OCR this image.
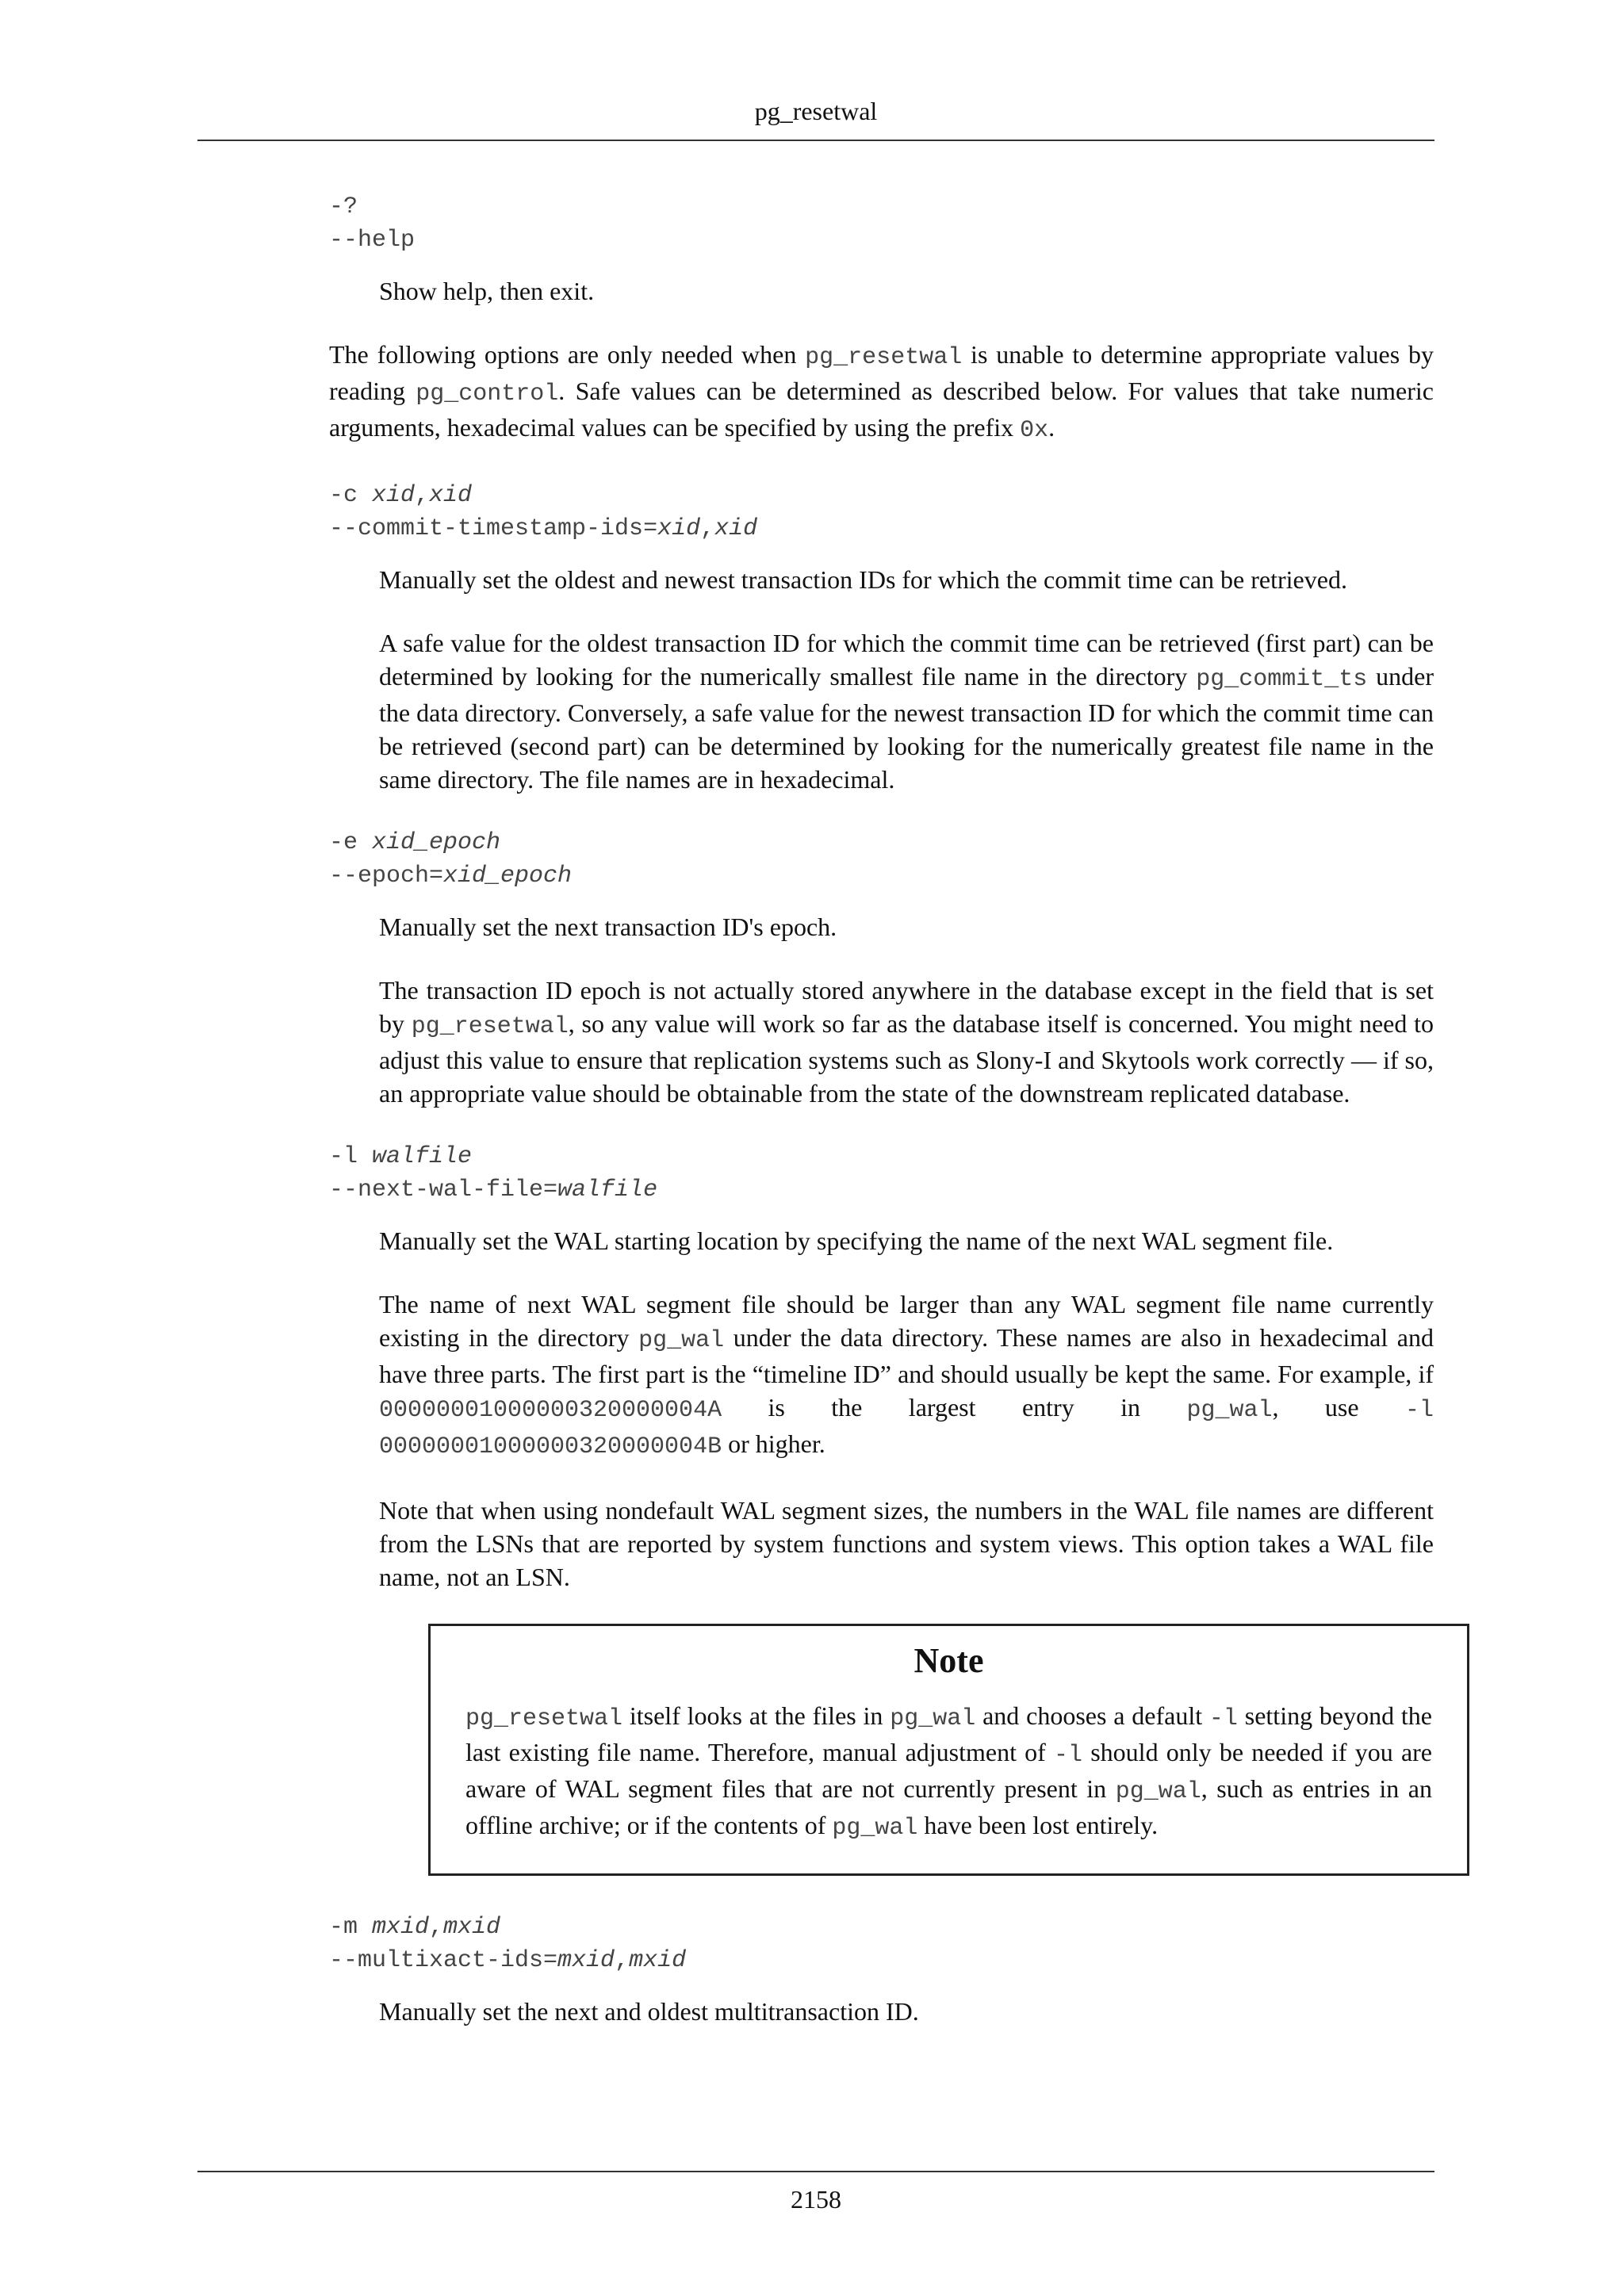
pg_resetwal
-?
--help

Show help, then exit.

The following options are only needed when pg_resetwal is unable to determine appropriate values by reading pg_control. Safe values can be determined as described below. For values that take numeric arguments, hexadecimal values can be specified by using the prefix 0x.

-c xid,xid
--commit-timestamp-ids=xid,xid

Manually set the oldest and newest transaction IDs for which the commit time can be retrieved.

A safe value for the oldest transaction ID for which the commit time can be retrieved (first part) can be determined by looking for the numerically smallest file name in the directory pg_commit_ts under the data directory. Conversely, a safe value for the newest transaction ID for which the commit time can be retrieved (second part) can be determined by looking for the numerically greatest file name in the same directory. The file names are in hexadecimal.

-e xid_epoch
--epoch=xid_epoch

Manually set the next transaction ID's epoch.

The transaction ID epoch is not actually stored anywhere in the database except in the field that is set by pg_resetwal, so any value will work so far as the database itself is concerned. You might need to adjust this value to ensure that replication systems such as Slony-I and Skytools work correctly — if so, an appropriate value should be obtainable from the state of the downstream replicated database.

-l walfile
--next-wal-file=walfile

Manually set the WAL starting location by specifying the name of the next WAL segment file.

The name of next WAL segment file should be larger than any WAL segment file name currently existing in the directory pg_wal under the data directory. These names are also in hexadecimal and have three parts. The first part is the “timeline ID” and should usually be kept the same. For example, if 00000001000000320000004A is the largest entry in pg_wal, use -l 00000001000000320000004B or higher.

Note that when using nondefault WAL segment sizes, the numbers in the WAL file names are different from the LSNs that are reported by system functions and system views. This option takes a WAL file name, not an LSN.

Note

pg_resetwal itself looks at the files in pg_wal and chooses a default -l setting beyond the last existing file name. Therefore, manual adjustment of -l should only be needed if you are aware of WAL segment files that are not currently present in pg_wal, such as entries in an offline archive; or if the contents of pg_wal have been lost entirely.

-m mxid,mxid
--multixact-ids=mxid,mxid

Manually set the next and oldest multitransaction ID.

2158
